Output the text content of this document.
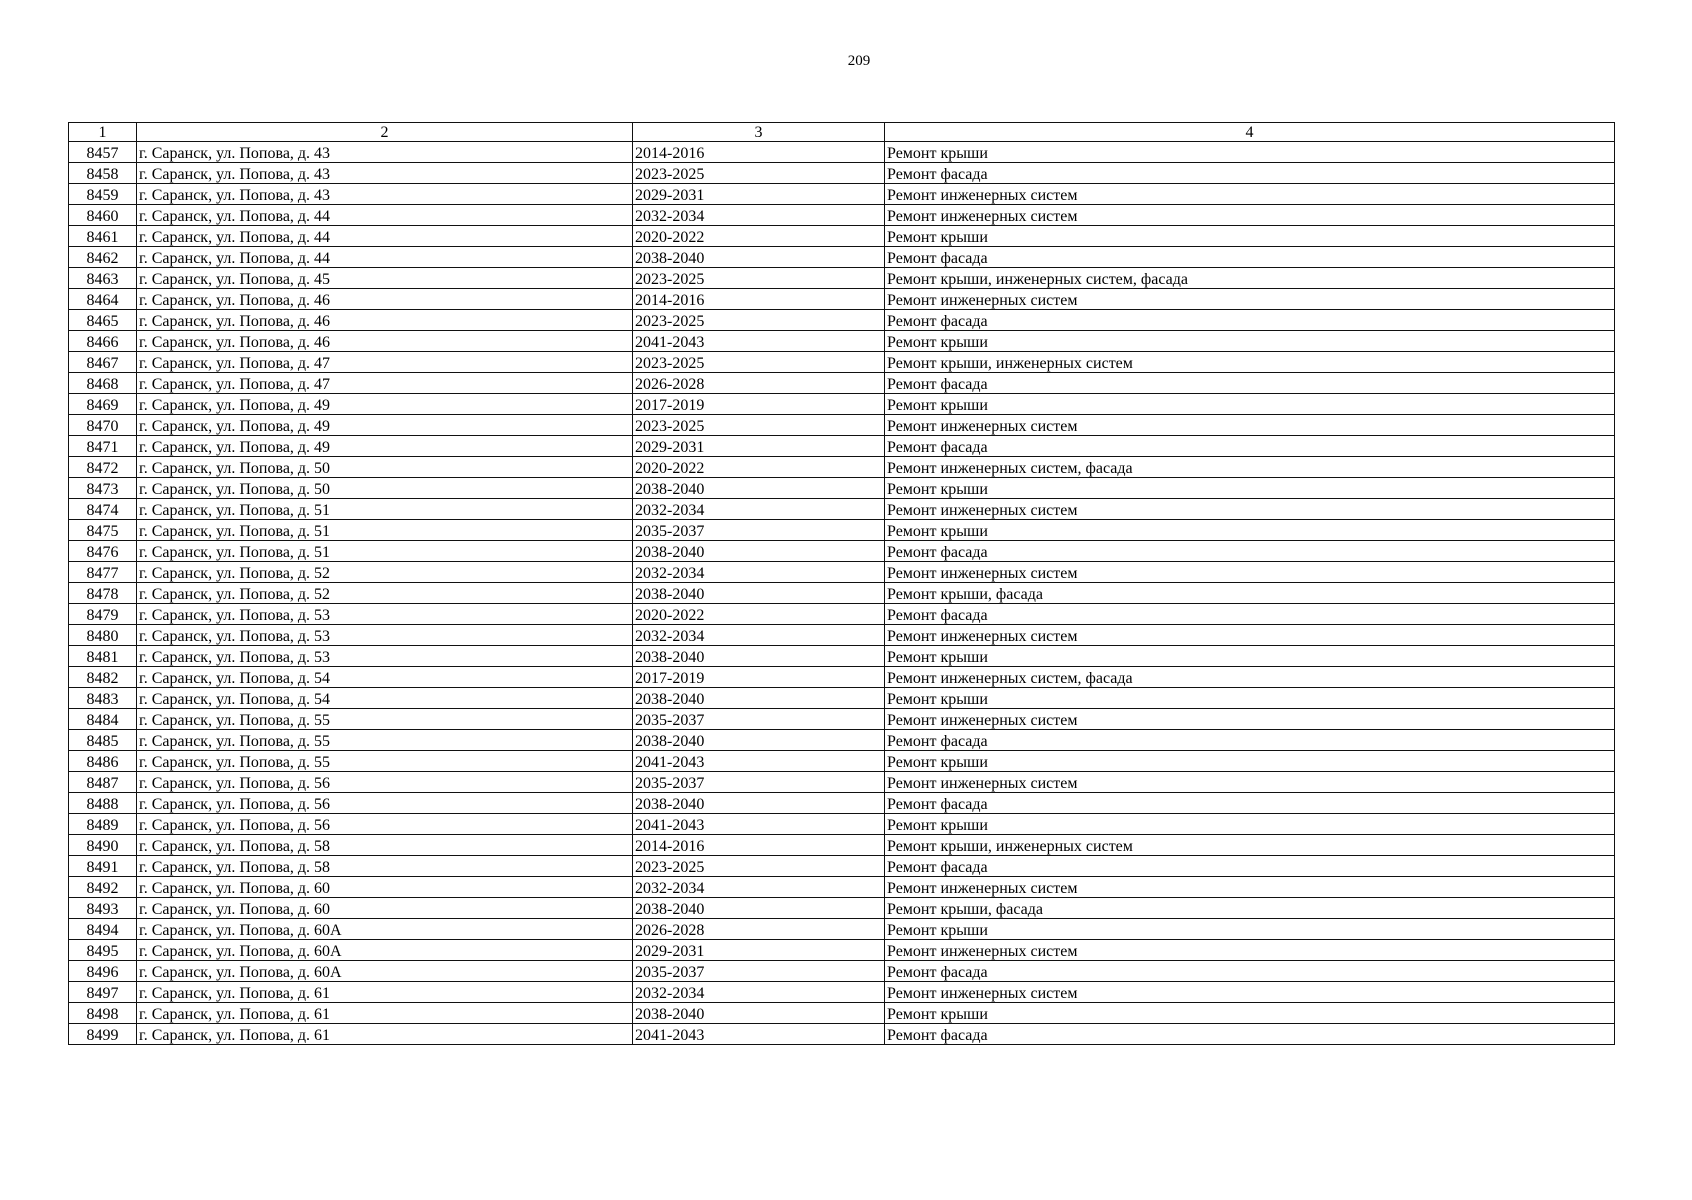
209
1	2	3	4
8457	г. Саранск, ул. Попова, д. 43	2014-2016	Ремонт крыши
8458	г. Саранск, ул. Попова, д. 43	2023-2025	Ремонт фасада
8459	г. Саранск, ул. Попова, д. 43	2029-2031	Ремонт инженерных систем
8460	г. Саранск, ул. Попова, д. 44	2032-2034	Ремонт инженерных систем
8461	г. Саранск, ул. Попова, д. 44	2020-2022	Ремонт крыши
8462	г. Саранск, ул. Попова, д. 44	2038-2040	Ремонт фасада
8463	г. Саранск, ул. Попова, д. 45	2023-2025	Ремонт крыши, инженерных систем, фасада
8464	г. Саранск, ул. Попова, д. 46	2014-2016	Ремонт инженерных систем
8465	г. Саранск, ул. Попова, д. 46	2023-2025	Ремонт фасада
8466	г. Саранск, ул. Попова, д. 46	2041-2043	Ремонт крыши
8467	г. Саранск, ул. Попова, д. 47	2023-2025	Ремонт крыши, инженерных систем
8468	г. Саранск, ул. Попова, д. 47	2026-2028	Ремонт фасада
8469	г. Саранск, ул. Попова, д. 49	2017-2019	Ремонт крыши
8470	г. Саранск, ул. Попова, д. 49	2023-2025	Ремонт инженерных систем
8471	г. Саранск, ул. Попова, д. 49	2029-2031	Ремонт фасада
8472	г. Саранск, ул. Попова, д. 50	2020-2022	Ремонт инженерных систем, фасада
8473	г. Саранск, ул. Попова, д. 50	2038-2040	Ремонт крыши
8474	г. Саранск, ул. Попова, д. 51	2032-2034	Ремонт инженерных систем
8475	г. Саранск, ул. Попова, д. 51	2035-2037	Ремонт крыши
8476	г. Саранск, ул. Попова, д. 51	2038-2040	Ремонт фасада
8477	г. Саранск, ул. Попова, д. 52	2032-2034	Ремонт инженерных систем
8478	г. Саранск, ул. Попова, д. 52	2038-2040	Ремонт крыши, фасада
8479	г. Саранск, ул. Попова, д. 53	2020-2022	Ремонт фасада
8480	г. Саранск, ул. Попова, д. 53	2032-2034	Ремонт инженерных систем
8481	г. Саранск, ул. Попова, д. 53	2038-2040	Ремонт крыши
8482	г. Саранск, ул. Попова, д. 54	2017-2019	Ремонт инженерных систем, фасада
8483	г. Саранск, ул. Попова, д. 54	2038-2040	Ремонт крыши
8484	г. Саранск, ул. Попова, д. 55	2035-2037	Ремонт инженерных систем
8485	г. Саранск, ул. Попова, д. 55	2038-2040	Ремонт фасада
8486	г. Саранск, ул. Попова, д. 55	2041-2043	Ремонт крыши
8487	г. Саранск, ул. Попова, д. 56	2035-2037	Ремонт инженерных систем
8488	г. Саранск, ул. Попова, д. 56	2038-2040	Ремонт фасада
8489	г. Саранск, ул. Попова, д. 56	2041-2043	Ремонт крыши
8490	г. Саранск, ул. Попова, д. 58	2014-2016	Ремонт крыши, инженерных систем
8491	г. Саранск, ул. Попова, д. 58	2023-2025	Ремонт фасада
8492	г. Саранск, ул. Попова, д. 60	2032-2034	Ремонт инженерных систем
8493	г. Саранск, ул. Попова, д. 60	2038-2040	Ремонт крыши, фасада
8494	г. Саранск, ул. Попова, д. 60А	2026-2028	Ремонт крыши
8495	г. Саранск, ул. Попова, д. 60А	2029-2031	Ремонт инженерных систем
8496	г. Саранск, ул. Попова, д. 60А	2035-2037	Ремонт фасада
8497	г. Саранск, ул. Попова, д. 61	2032-2034	Ремонт инженерных систем
8498	г. Саранск, ул. Попова, д. 61	2038-2040	Ремонт крыши
8499	г. Саранск, ул. Попова, д. 61	2041-2043	Ремонт фасада
